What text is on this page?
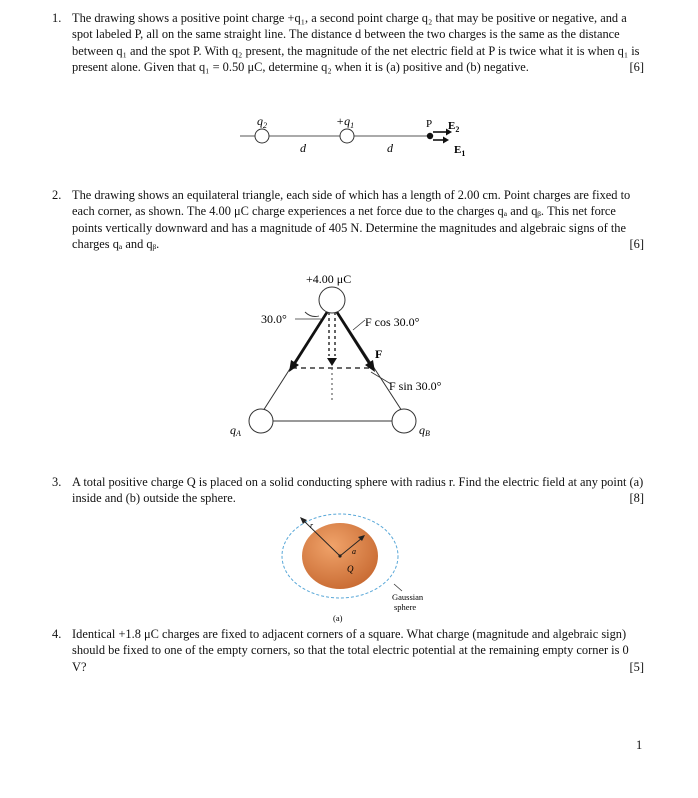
1. The drawing shows a positive point charge +q₁, a second point charge q₂ that may be positive or negative, and a spot labeled P, all on the same straight line. The distance d between the two charges is the same as the distance between q₁ and the spot P. With q₂ present, the magnitude of the net electric field at P is twice what it is when q₁ is present alone. Given that q₁ = 0.50 μC, determine q₂ when it is (a) positive and (b) negative.	[6]
$q_2$	$+q_1$
d	d
P $E_2$
$E_1$
2. The drawing shows an equilateral triangle, each side of which has a length of 2.00 cm. Point charges are fixed to each corner, as shown. The 4.00 μC charge experiences a net force due to the charges qₐ and qᵦ. This net force points vertically downward and has a magnitude of 405 N. Determine the magnitudes and algebraic signs of the charges qₐ and qᵦ.	[6]
+4.00 μC
30.0°	F cos 30.0°
F
F sin 30.0°
qA	qB
3. A total positive charge Q is placed on a solid conducting sphere with radius r. Find the electric field at any point (a) inside and (b) outside the sphere.	[8]
r
a
Q
Gaussian
sphere
(a)
4. Identical +1.8 μC charges are fixed to adjacent corners of a square. What charge (magnitude and algebraic sign) should be fixed to one of the empty corners, so that the total electric potential at the remaining empty corner is 0 V?	[5]
1
